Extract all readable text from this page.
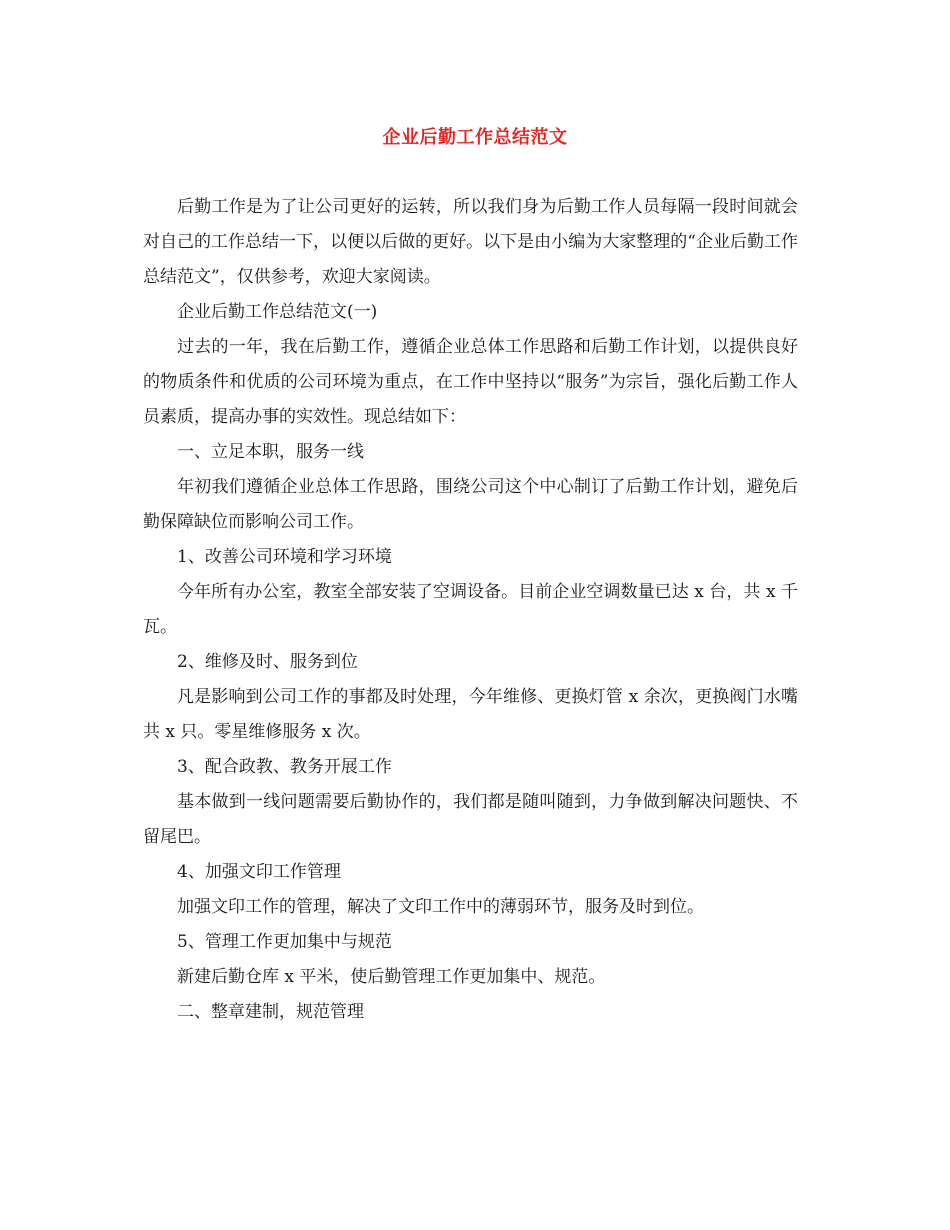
企业后勤工作总结范文

后勤工作是为了让公司更好的运转，所以我们身为后勤工作人员每隔一段时间就会对自己的工作总结一下，以便以后做的更好。以下是由小编为大家整理的“企业后勤工作总结范文”，仅供参考，欢迎大家阅读。

企业后勤工作总结范文(一)

过去的一年，我在后勤工作，遵循企业总体工作思路和后勤工作计划，以提供良好的物质条件和优质的公司环境为重点，在工作中坚持以“服务”为宗旨，强化后勤工作人员素质，提高办事的实效性。现总结如下：

一、立足本职，服务一线

年初我们遵循企业总体工作思路，围绕公司这个中心制订了后勤工作计划，避免后勤保障缺位而影响公司工作。

1、改善公司环境和学习环境

今年所有办公室，教室全部安装了空调设备。目前企业空调数量已达 x 台，共 x 千瓦。

2、维修及时、服务到位

凡是影响到公司工作的事都及时处理，今年维修、更换灯管 x 余次，更换阀门水嘴共 x 只。零星维修服务 x 次。

3、配合政教、教务开展工作

基本做到一线问题需要后勤协作的，我们都是随叫随到，力争做到解决问题快、不留尾巴。

4、加强文印工作管理

加强文印工作的管理，解决了文印工作中的薄弱环节，服务及时到位。

5、管理工作更加集中与规范

新建后勤仓库 x 平米，使后勤管理工作更加集中、规范。

二、整章建制，规范管理
